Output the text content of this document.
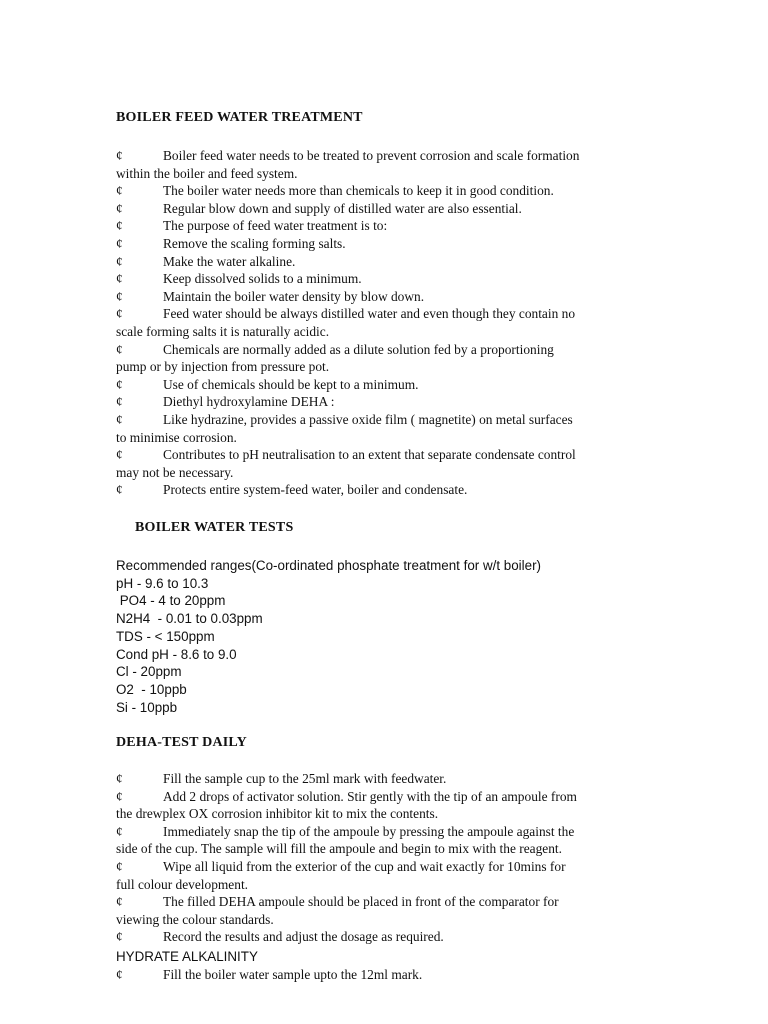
BOILER FEED WATER TREATMENT
¢	Boiler feed water needs to be treated to prevent corrosion and scale formation
within the boiler and feed system.
¢	The boiler water needs more than chemicals to keep it in good condition.
¢	Regular blow down and supply of distilled water are also essential.
¢	The purpose of feed water treatment is to:
¢	Remove the scaling forming salts.
¢	Make the water alkaline.
¢	Keep dissolved solids to a minimum.
¢	Maintain the boiler water density by blow down.
¢	Feed water should be always distilled water and even though they contain no
scale forming salts it is naturally acidic.
¢	Chemicals are normally added as a dilute solution fed by a proportioning
pump or by injection from pressure pot.
¢	Use of chemicals should be kept to a minimum.
¢	Diethyl hydroxylamine DEHA :
¢	Like hydrazine, provides a passive oxide film ( magnetite) on metal surfaces
to minimise corrosion.
¢	Contributes to pH neutralisation to an extent that separate condensate control
may not be necessary.
¢	Protects entire system-feed water, boiler and condensate.
BOILER WATER TESTS
Recommended ranges(Co-ordinated phosphate treatment for w/t boiler)
pH - 9.6 to 10.3
PO4 - 4 to 20ppm
N2H4  - 0.01 to 0.03ppm
TDS - < 150ppm
Cond pH - 8.6 to 9.0
Cl - 20ppm
O2  - 10ppb
Si - 10ppb
DEHA-TEST DAILY
¢	Fill the sample cup to the 25ml mark with feedwater.
¢	Add 2 drops of activator solution. Stir gently with the tip of an ampoule from
the drewplex OX corrosion inhibitor kit to mix the contents.
¢	Immediately snap the tip of the ampoule by pressing the ampoule against the
side of the cup. The sample will fill the ampoule and begin to mix with the reagent.
¢	Wipe all liquid from the exterior of the cup and wait exactly for 10mins for
full colour development.
¢	The filled DEHA ampoule should be placed in front of the comparator for
viewing the colour standards.
¢	Record the results and adjust the dosage as required.
HYDRATE ALKALINITY

¢	Fill the boiler water sample upto the 12ml mark.
